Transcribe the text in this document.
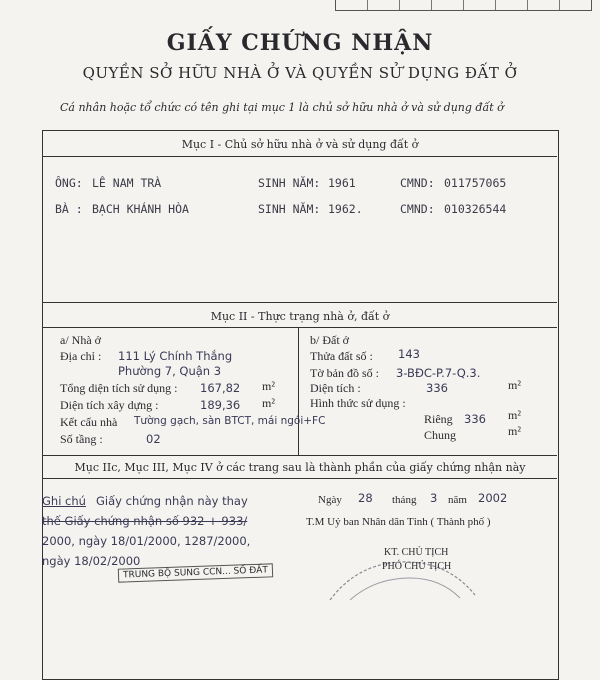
GIẤY CHỨNG NHẬN
QUYỀN SỞ HỮU NHÀ Ở VÀ QUYỀN SỬ DỤNG ĐẤT Ở
Cá nhân hoặc tổ chức có tên ghi tại mục 1 là chủ sở hữu nhà ở và sử dụng đất ở
Mục I - Chủ sở hữu nhà ở và sử dụng đất ở
ÔNG: LÊ NAM TRÀ	SINH NĂM: 1961	CMND: 011757065
BÀ : BẠCH KHÁNH HÒA	SINH NĂM: 1962.	CMND: 010326544
Mục II - Thực trạng nhà ở, đất ở
a/ Nhà ở
Địa chỉ : 111 Lý Chính Thắng
Phường 7, Quận 3
Tổng diện tích sử dụng : 167,82 m²
Diện tích xây dựng :	189,36 m²
Kết cấu nhà Tường gạch, sàn BTCT, mái ngói+FC
Số tầng :	02
b/ Đất ở
Thửa đất số : 143
Tờ bản đồ số : 3-BĐC-P.7-Q.3.
Diện tích :	336	m²
Hình thức sử dụng :
Riêng 336 m²
Chung	m²
Mục IIc, Mục III, Mục IV ở các trang sau là thành phần của giấy chứng nhận này
Ghi chú Giấy chứng nhận này thay
thế Giấy chứng nhận số 932 + 933/
2000, ngày 18/01/2000, 1287/2000,
ngày 18/02/2000
Ngày 28 tháng 3 năm 2002
T.M Uỷ ban Nhân dân Tỉnh ( Thành phố )
TRUNG BỘ SUNG CCN... SỐ ĐẤT
KT. CHỦ TỊCH
PHÓ CHỦ TỊCH
